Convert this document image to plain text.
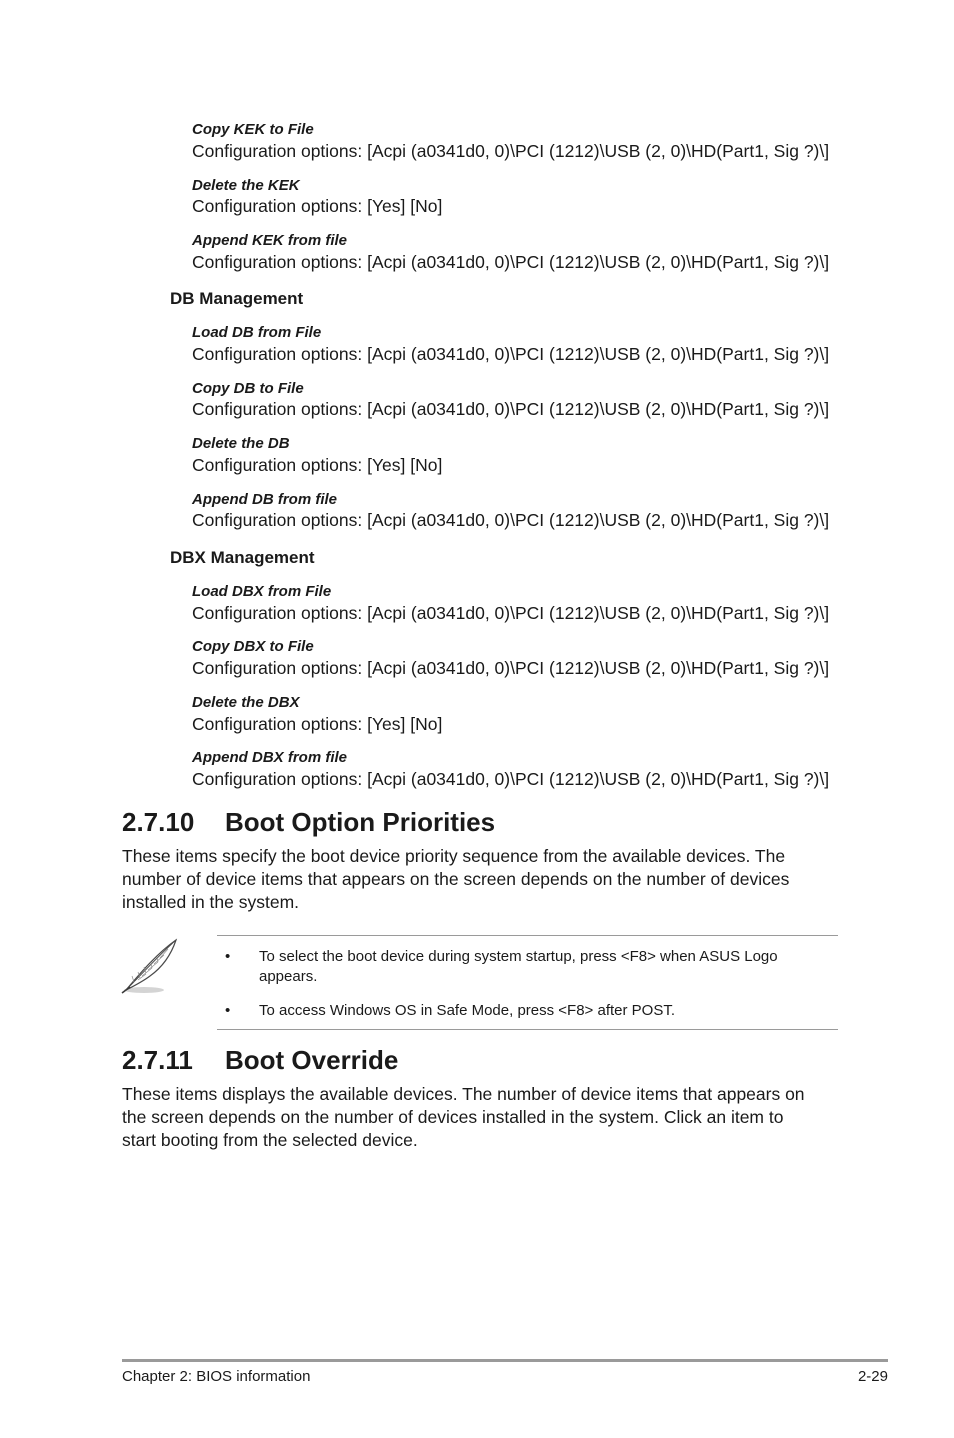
Copy KEK to File
Configuration options: [Acpi (a0341d0, 0)\PCI (1212)\USB (2, 0)\HD(Part1, Sig ?)\]
Delete the KEK
Configuration options: [Yes] [No]
Append KEK from file
Configuration options: [Acpi (a0341d0, 0)\PCI (1212)\USB (2, 0)\HD(Part1, Sig ?)\]
DB Management
Load DB from File
Configuration options: [Acpi (a0341d0, 0)\PCI (1212)\USB (2, 0)\HD(Part1, Sig ?)\]
Copy DB to File
Configuration options: [Acpi (a0341d0, 0)\PCI (1212)\USB (2, 0)\HD(Part1, Sig ?)\]
Delete the DB
Configuration options: [Yes] [No]
Append DB from file
Configuration options: [Acpi (a0341d0, 0)\PCI (1212)\USB (2, 0)\HD(Part1, Sig ?)\]
DBX Management
Load DBX from File
Configuration options: [Acpi (a0341d0, 0)\PCI (1212)\USB (2, 0)\HD(Part1, Sig ?)\]
Copy DBX to File
Configuration options: [Acpi (a0341d0, 0)\PCI (1212)\USB (2, 0)\HD(Part1, Sig ?)\]
Delete the DBX
Configuration options: [Yes] [No]
Append DBX from file
Configuration options: [Acpi (a0341d0, 0)\PCI (1212)\USB (2, 0)\HD(Part1, Sig ?)\]
2.7.10 Boot Option Priorities
These items specify the boot device priority sequence from the available devices. The number of device items that appears on the screen depends on the number of devices installed in the system.
• To select the boot device during system startup, press <F8> when ASUS Logo appears.
• To access Windows OS in Safe Mode, press <F8> after POST.
2.7.11 Boot Override
These items displays the available devices. The number of device items that appears on the screen depends on the number of devices installed in the system. Click an item to start booting from the selected device.
Chapter 2: BIOS information	2-29
